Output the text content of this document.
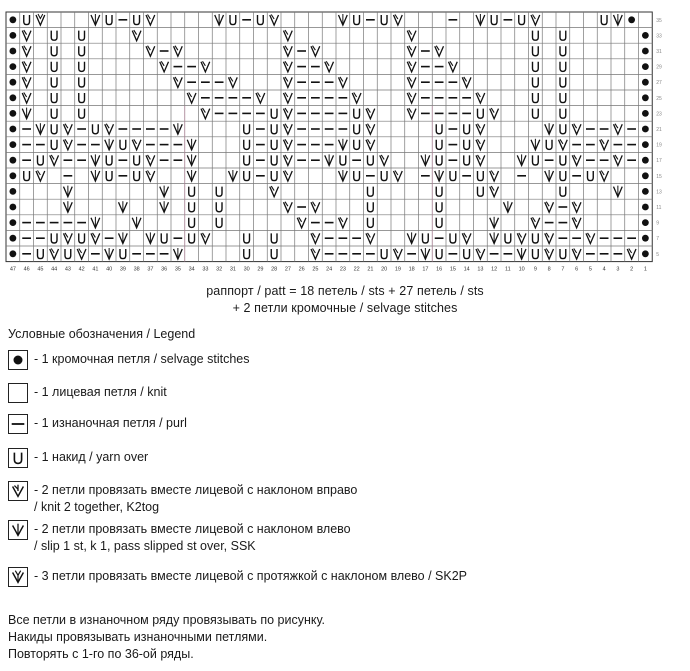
47 46 45 44 43 42 41 40 39 38 37 36 35 34 33 32 31 30 29 28 27 26 25 24 23 22 21 20 19 18 17 16 15 14 13 12 11 10 9 8 7 6 5 4 3 2 1
35
33
31
29
27
25
23
21
19
17
15
13
11
9
7
5
раппорт / patt = 18 петель / sts + 27 петель / sts
+ 2 петли кромочные / selvage stitches
Условные обозначения / Legend
- 1 кромочная петля / selvage stitches
- 1 лицевая петля / knit
- 1 изнаночная петля / purl
- 1 накид / yarn over
- 2 петли провязать вместе лицевой с наклоном вправо
/ knit 2 together, K2tog
- 2 петли провязать вместе лицевой с наклоном влево
/ slip 1 st, k 1, pass slipped st over, SSK
- 3 петли провязать вместе лицевой с протяжкой с наклоном влево / SK2P
Все петли в изнаночном ряду провязывать по рисунку.
Накиды провязывать изнаночными петлями.
Повторять с 1-го по 36-ой ряды.
